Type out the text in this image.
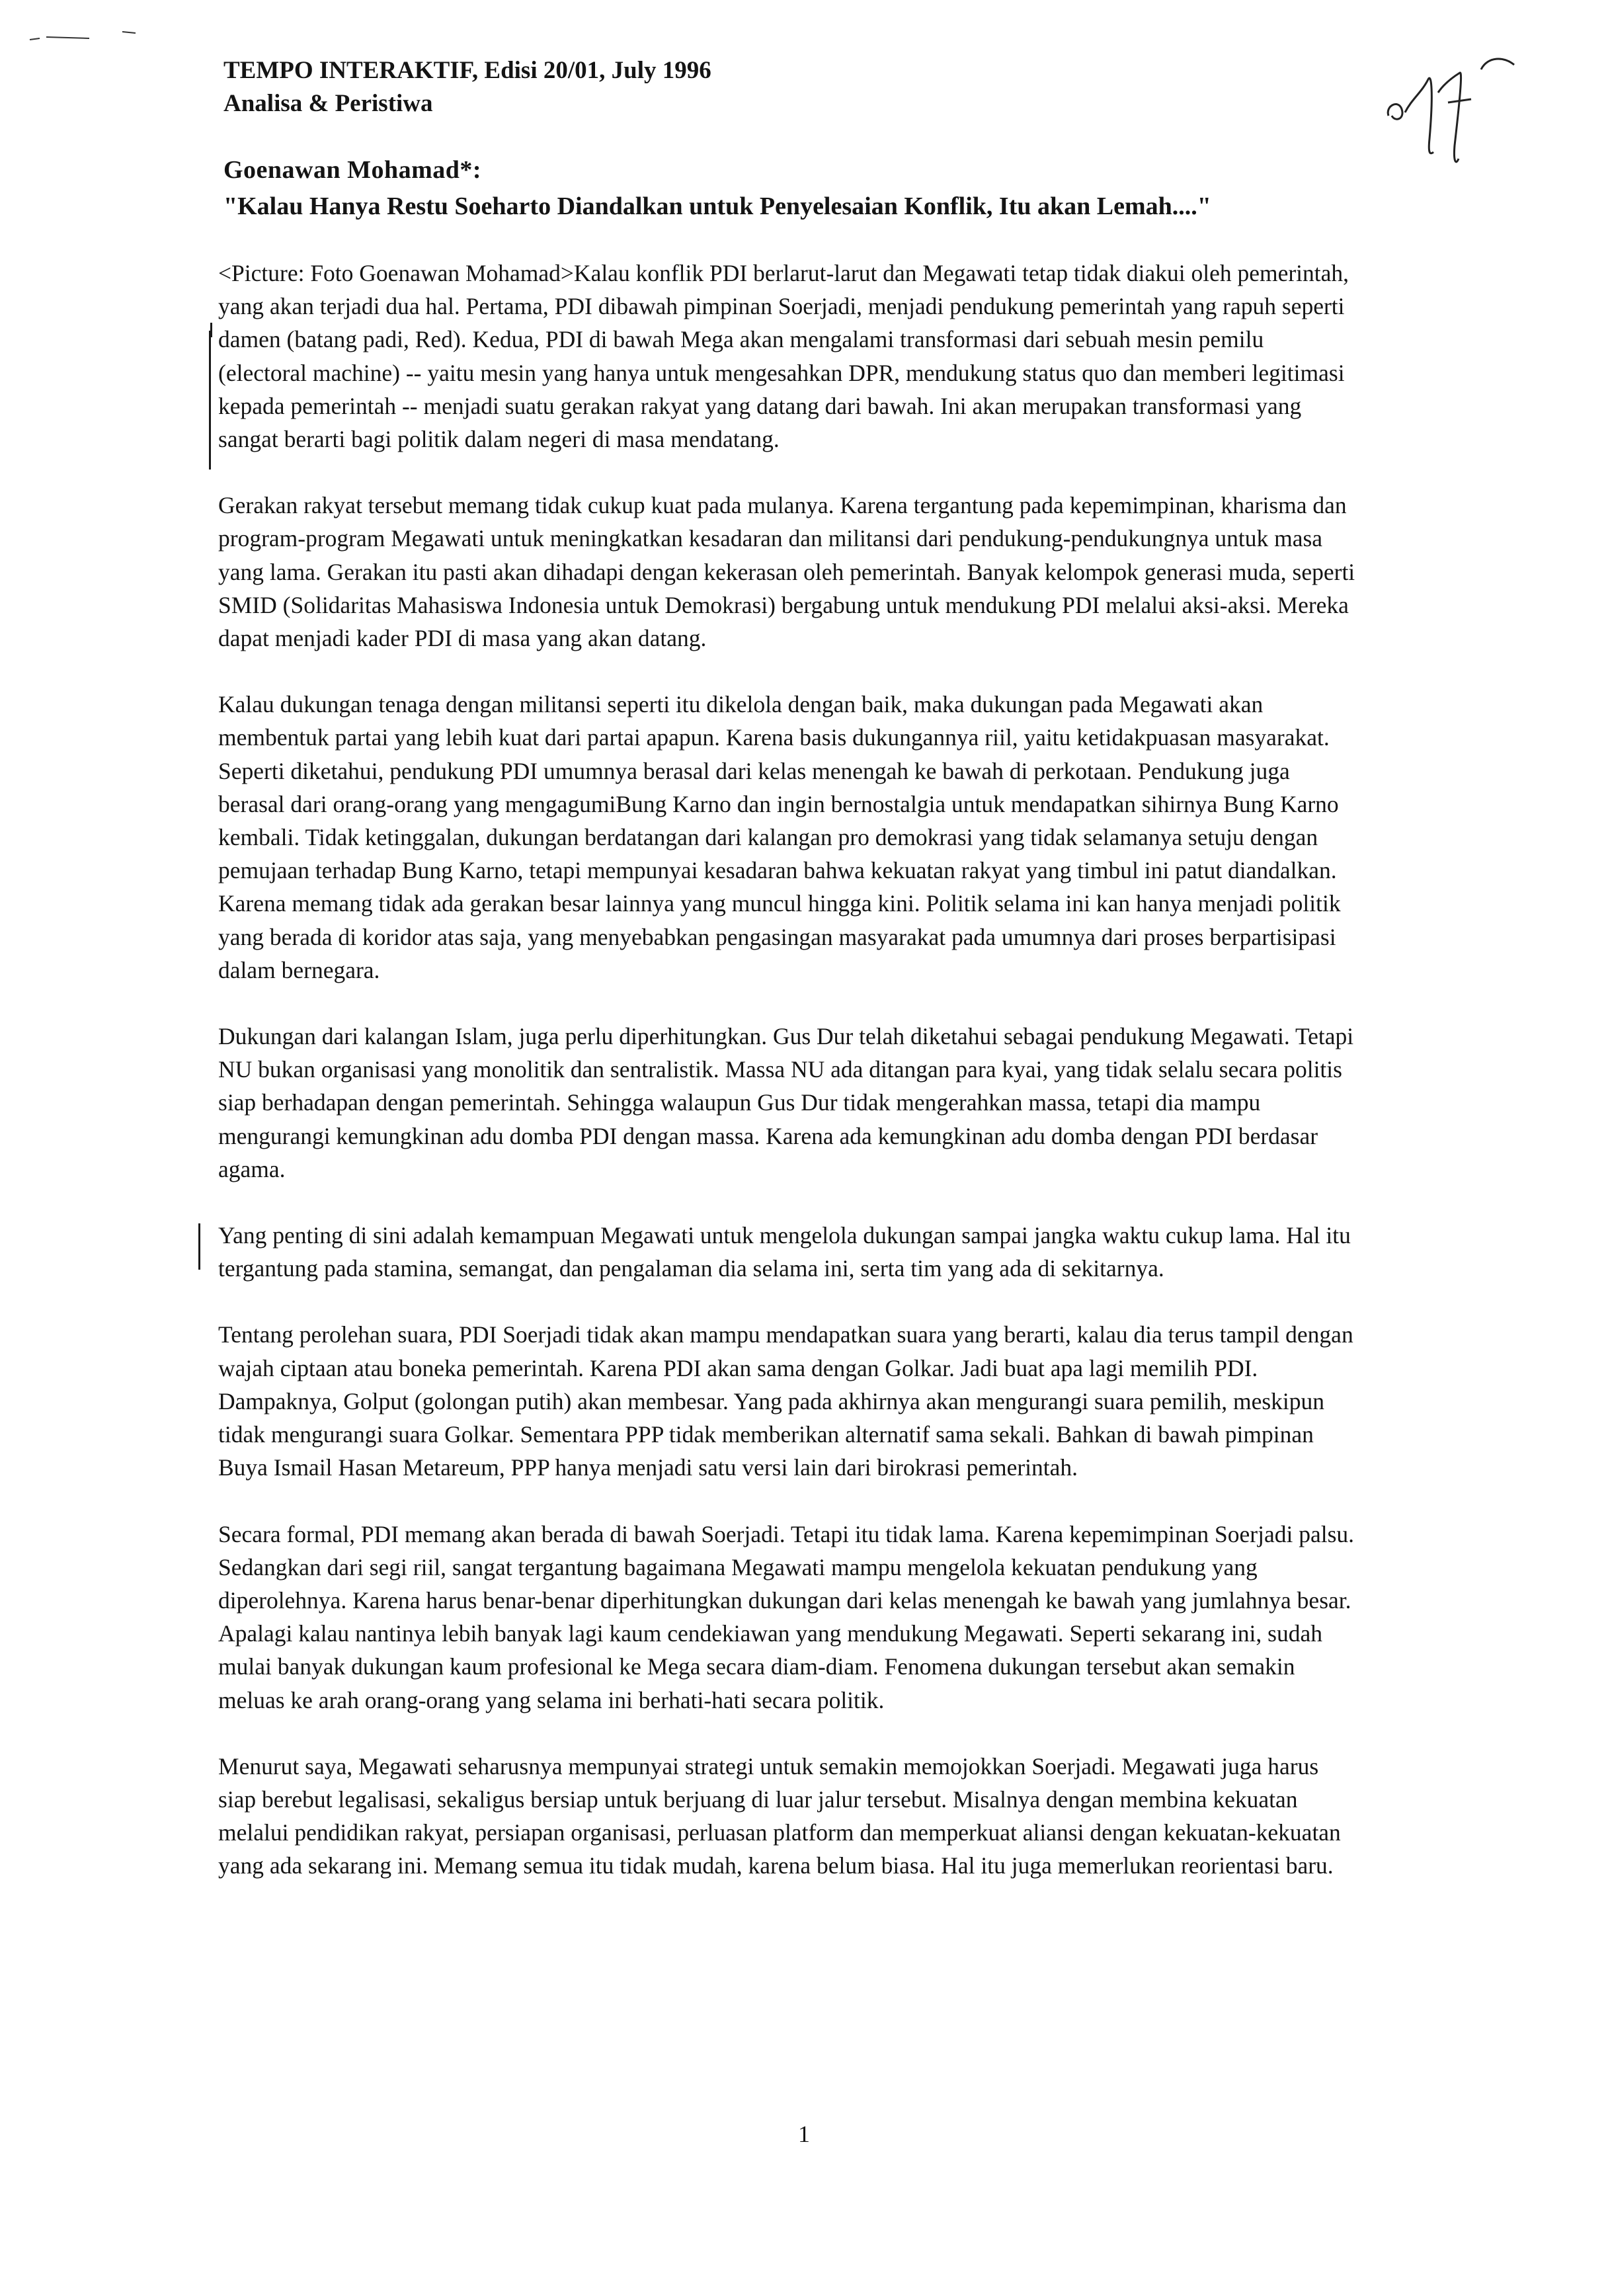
TEMPO INTERAKTIF, Edisi 20/01, July 1996
Analisa & Peristiwa
Goenawan Mohamad*:
"Kalau Hanya Restu Soeharto Diandalkan untuk Penyelesaian Konflik, Itu akan Lemah...."

<Picture: Foto Goenawan Mohamad>Kalau konflik PDI berlarut-larut dan Megawati tetap tidak diakui oleh pemerintah, yang akan terjadi dua hal. Pertama, PDI dibawah pimpinan Soerjadi, menjadi pendukung pemerintah yang rapuh seperti damen (batang padi, Red). Kedua, PDI di bawah Mega akan mengalami transformasi dari sebuah mesin pemilu (electoral machine) -- yaitu mesin yang hanya untuk mengesahkan DPR, mendukung status quo dan memberi legitimasi kepada pemerintah -- menjadi suatu gerakan rakyat yang datang dari bawah. Ini akan merupakan transformasi yang sangat berarti bagi politik dalam negeri di masa mendatang.

Gerakan rakyat tersebut memang tidak cukup kuat pada mulanya. Karena tergantung pada kepemimpinan, kharisma dan program-program Megawati untuk meningkatkan kesadaran dan militansi dari pendukung-pendukungnya untuk masa yang lama. Gerakan itu pasti akan dihadapi dengan kekerasan oleh pemerintah. Banyak kelompok generasi muda, seperti SMID (Solidaritas Mahasiswa Indonesia untuk Demokrasi) bergabung untuk mendukung PDI melalui aksi-aksi. Mereka dapat menjadi kader PDI di masa yang akan datang.

Kalau dukungan tenaga dengan militansi seperti itu dikelola dengan baik, maka dukungan pada Megawati akan membentuk partai yang lebih kuat dari partai apapun. Karena basis dukungannya riil, yaitu ketidakpuasan masyarakat. Seperti diketahui, pendukung PDI umumnya berasal dari kelas menengah ke bawah di perkotaan. Pendukung juga berasal dari orang-orang yang mengagumiBung Karno dan ingin bernostalgia untuk mendapatkan sihirnya Bung Karno kembali. Tidak ketinggalan, dukungan berdatangan dari kalangan pro demokrasi yang tidak selamanya setuju dengan pemujaan terhadap Bung Karno, tetapi mempunyai kesadaran bahwa kekuatan rakyat yang timbul ini patut diandalkan. Karena memang tidak ada gerakan besar lainnya yang muncul hingga kini. Politik selama ini kan hanya menjadi politik yang berada di koridor atas saja, yang menyebabkan pengasingan masyarakat pada umumnya dari proses berpartisipasi dalam bernegara.

Dukungan dari kalangan Islam, juga perlu diperhitungkan. Gus Dur telah diketahui sebagai pendukung Megawati. Tetapi NU bukan organisasi yang monolitik dan sentralistik. Massa NU ada ditangan para kyai, yang tidak selalu secara politis siap berhadapan dengan pemerintah. Sehingga walaupun Gus Dur tidak mengerahkan massa, tetapi dia mampu mengurangi kemungkinan adu domba PDI dengan massa. Karena ada kemungkinan adu domba dengan PDI berdasar agama.

Yang penting di sini adalah kemampuan Megawati untuk mengelola dukungan sampai jangka waktu cukup lama. Hal itu tergantung pada stamina, semangat, dan pengalaman dia selama ini, serta tim yang ada di sekitarnya.

Tentang perolehan suara, PDI Soerjadi tidak akan mampu mendapatkan suara yang berarti, kalau dia terus tampil dengan wajah ciptaan atau boneka pemerintah. Karena PDI akan sama dengan Golkar. Jadi buat apa lagi memilih PDI. Dampaknya, Golput (golongan putih) akan membesar. Yang pada akhirnya akan mengurangi suara pemilih, meskipun tidak mengurangi suara Golkar. Sementara PPP tidak memberikan alternatif sama sekali. Bahkan di bawah pimpinan Buya Ismail Hasan Metareum, PPP hanya menjadi satu versi lain dari birokrasi pemerintah.

Secara formal, PDI memang akan berada di bawah Soerjadi. Tetapi itu tidak lama. Karena kepemimpinan Soerjadi palsu. Sedangkan dari segi riil, sangat tergantung bagaimana Megawati mampu mengelola kekuatan pendukung yang diperolehnya. Karena harus benar-benar diperhitungkan dukungan dari kelas menengah ke bawah yang jumlahnya besar. Apalagi kalau nantinya lebih banyak lagi kaum cendekiawan yang mendukung Megawati. Seperti sekarang ini, sudah mulai banyak dukungan kaum profesional ke Mega secara diam-diam. Fenomena dukungan tersebut akan semakin meluas ke arah orang-orang yang selama ini berhati-hati secara politik.

Menurut saya, Megawati seharusnya mempunyai strategi untuk semakin memojokkan Soerjadi. Megawati juga harus siap berebut legalisasi, sekaligus bersiap untuk berjuang di luar jalur tersebut. Misalnya dengan membina kekuatan melalui pendidikan rakyat, persiapan organisasi, perluasan platform dan memperkuat aliansi dengan kekuatan-kekuatan yang ada sekarang ini. Memang semua itu tidak mudah, karena belum biasa. Hal itu juga memerlukan reorientasi baru.

1
